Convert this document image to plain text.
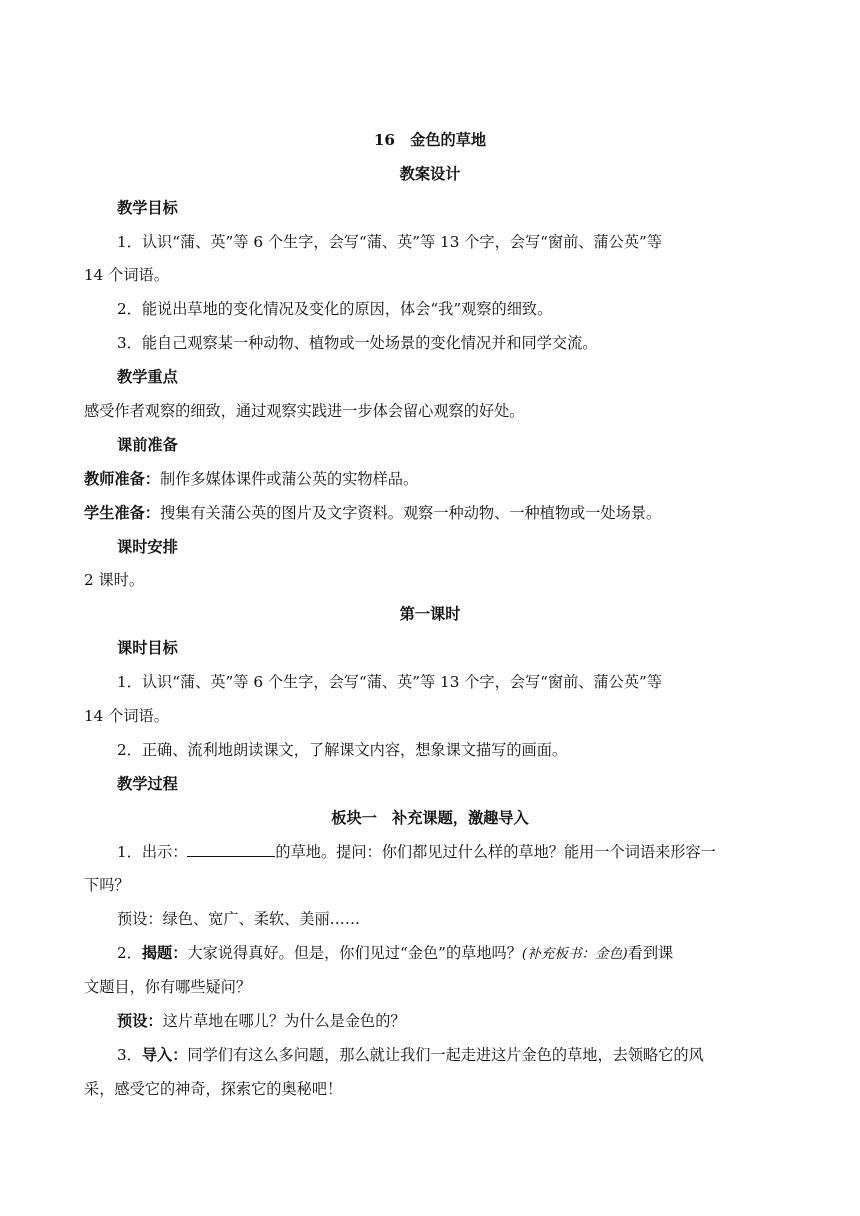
16　金色的草地
教案设计
教学目标
1．认识“蒲、英”等 6 个生字，会写“蒲、英”等 13 个字，会写“窗前、蒲公英”等
14 个词语。
2．能说出草地的变化情况及变化的原因，体会“我”观察的细致。
3．能自己观察某一种动物、植物或一处场景的变化情况并和同学交流。
教学重点
感受作者观察的细致，通过观察实践进一步体会留心观察的好处。
课前准备
教师准备：制作多媒体课件或蒲公英的实物样品。
学生准备：搜集有关蒲公英的图片及文字资料。观察一种动物、一种植物或一处场景。
课时安排
2 课时。
第一课时
课时目标
1．认识“蒲、英”等 6 个生字，会写“蒲、英”等 13 个字，会写“窗前、蒲公英”等
14 个词语。
2．正确、流利地朗读课文，了解课文内容，想象课文描写的画面。
教学过程
板块一　补充课题，激趣导入
1．出示：	的草地。提问：你们都见过什么样的草地？能用一个词语来形容一
下吗？
预设：绿色、宽广、柔软、美丽……
2．揭题：大家说得真好。但是，你们见过“金色”的草地吗？(补充板书：金色)看到课
文题目，你有哪些疑问？
预设：这片草地在哪儿？为什么是金色的？
3．导入：同学们有这么多问题，那么就让我们一起走进这片金色的草地，去领略它的风
采，感受它的神奇，探索它的奥秘吧！
